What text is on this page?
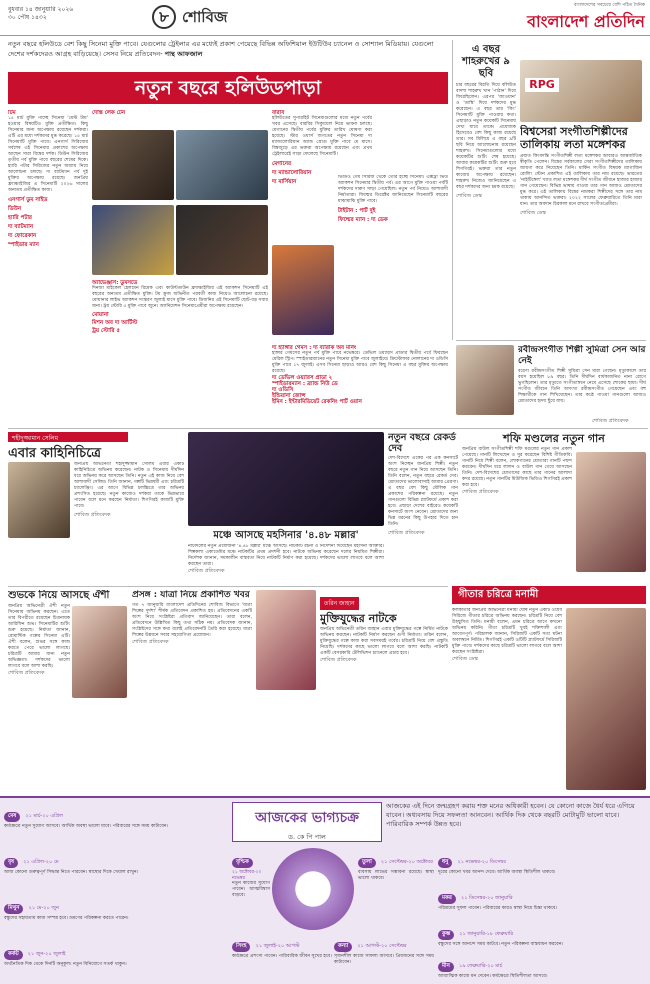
বুধবার ১৪ জানুয়ারি ২০২৬
৩০ পৌষ ১৪৩২	৮ শোবিজ
বাংলাদেশের সবচেয়ে বেশি পঠিত দৈনিক
বাংলাদেশ প্রতিদিন
নতুন বছরে হলিউডে বেশ কিছু সিনেমা মুক্তি পাবে। যেগুলোর ট্রেইলার এর মধ্যেই প্রকাশ পেয়েছে বিভিন্ন অফিশিয়াল ইউটিউব চ্যানেল ও সোশ্যাল মিডিয়ায়। যেগুলো দেশের দর্শকদেরও আগ্রহ বাড়িয়েছে। সেসব নিয়ে প্রতিবেদন- পান্থ আফজাল
নতুন বছরে হলিউডপাড়া
টিম
১৫ মার্চ মুক্তি পাচ্ছে সিনেমা 'মেস্ট টাম' হওয়ার বিষয়টিও মুক্তি প্রতীক্ষিত। কিছু সিনেমার জন্য অপেক্ষায় রয়েছেন দর্শকরা। এটি এর মধ্যে দর্শকদের মুগ্ধ করেছে। ১৫ মার্চ সিনেমাটি মুক্তি পাবে। এনগার্স সিরিজের সর্বশেষ এই সিনেমার প্রকাশের অপেক্ষায় আছেন সারা বিশ্বের দর্শক। ডিউন সিরিজের তৃতীয় পর্ব মুক্তি পাবে বছরের শেষের দিকে। হ্যারি পটার সিরিজের নতুন অধ্যায় নিয়ে আলোচনা চলছে। দ্য ব্যাটম্যান পর্ব দুই মুক্তির অপেক্ষায় রয়েছে। জনপ্রিয় ফ্র্যাঞ্চাইজির এ সিনেমাটি ২০২৬ সালের অন্যতম প্রতীক্ষিত কাজ।
এনগার্স ডুম সাইড
ডিউন
হ্যারি পটার
দ্য ব্যাটম্যান
দ্য ফোরেকান
স্পাইডার ম্যান
দোস্ত লেক টেন
অ্যাভেঞ্জার্স: ডুমসডে
দিনজা মাইকেল হেলমেন রিমেক এবং কাউন্টডাউন ফ্র্যাঞ্চাইজির এই অ্যাকশন সিনেমাটি এই বছরের অন্যতম প্রতীক্ষিত মুক্তি। টম ক্রুজ অভিনীত পরবর্তী কাজ নিয়েও আলোচনা রয়েছে। মোয়ানার লাইভ অ্যাকশন সংস্করণ জুলাই মাসে মুক্তি পাবে। ডিজনির এই সিনেমাটি ছোট-বড় সবার জন্য। ট্রয় স্টোরি ৫ মুক্তি পাবে জুনে। অ্যানিমেশন সিনেমাপ্রেমীরা অপেক্ষায় রয়েছেন।
মোয়ানা
মিশন অব দ্য আর্টিস্ট
ট্রয় স্টোরি ৫
বারবি
হলিউডের সুপারহিট সিনেমাগুলোর মধ্যে নতুন পর্বের খবর এসেছে। বারবির সিক্যুয়েল নিয়ে ভাবনা চলছে। মেগানের দ্বিতীয় পর্বের মুক্তির তারিখ ঘোষণা করা হয়েছে। স্টার ওয়ার্স জগতের নতুন সিনেমা দ্য ম্যান্ডালোরিয়ান অ্যান্ড গ্রোগু মুক্তি পাবে মে মাসে। বিশ্বজুড়ে এর ভক্তরা অপেক্ষায় রয়েছেন এবং প্রথম ট্রেইলারেই সাড়া ফেলেছে সিনেমাটি।
মেগানের
দ্য ম্যান্ডালোরিয়ান
দ্য মার্সিয়ান
ভিডিও গেম সিরিজ থেকে তৈরি হচ্ছে সিনেমা। এক্সট্রা ভিউ অ্যাকশন সিনেমার দ্বিতীয় পর্ব। এর আগে মুক্তি পাওয়া পর্বটি দর্শকদের দারুণ সাড়া পেয়েছিল। নতুন পর্ব নিয়েও আশাবাদী নির্মাতারা। ফিল্মের ডিরেক্টর জানিয়েছেন সিনেমাটি বছরের মাঝামাঝি মুক্তি পাবে।
টাইটান : পার্ট দুই
ফিল্মের ম্যান : দ্য ডেক
দ্য হ্যাঙ্গার গেমস : দ্য ব্যারাক অব মর্নিং
হাঙ্গার গেমসের নতুন পর্ব মুক্তি পাবে নভেম্বরে। ডেভিল ওয়্যারস প্রাডার দ্বিতীয় পর্বে ফিরছেন মেরিল স্ট্রিপ। স্পাইডারম্যানের নতুন সিনেমা মুক্তি পাবে জুলাইয়ে। ক্রিস্টোফার নোলানের দ্য ওডিসি মুক্তি পাবে ১৭ জুলাই। এসব সিনেমা ছাড়াও আরও বেশ কিছু সিনেমা এ বছর মুক্তির অপেক্ষায় রয়েছে।
দ্য ডেভিল ওয়্যারস প্রাডা ২
স্পাইডারম্যান : ব্র্যান্ড নিউ ডে
দ্য ওডিসি
ইন্ডিয়ানা জোন্স
ইমিন : ইন্টারমিডিয়েট রেকনিং পার্ট ওয়ান
এ বছর শাহরুখের ৯ ছবি
চার বছরের বিরতি দিয়ে বলিউড বাদশা শাহরুখ খান 'পাঠান' দিয়ে ফিরেছিলেন। এরপর 'জাওয়ান' ও 'ডাঙ্কি' দিয়ে দর্শকদের মুগ্ধ করেছেন। এ বছর তার 'কিং' সিনেমাটি মুক্তি পাওয়ার কথা। এছাড়াও নতুন কয়েকটি সিনেমায় দেখা যাবে তাকে। প্রযোজক হিসেবেও বেশ কিছু কাজ রয়েছে তার। সব মিলিয়ে এ বছর ৯টি ছবি নিয়ে আলোচনায় রয়েছেন শাহরুখ। সিনেমাগুলোর মধ্যে কয়েকটির শুটিং শেষ হয়েছে। আবার কয়েকটির শুটিং শুরু হবে শিগগিরই। ভক্তরা তার নতুন কাজের অপেক্ষায় রয়েছেন। শাহরুখ নিজেও জানিয়েছেন এ বছর দর্শকদের জন্য চমক রয়েছে।
শোবিজ ডেস্ক
RPG
বিশ্বসেরা সংগীতশিল্পীদের তালিকায় লতা মঙ্গেশকর
প্রয়াত কিংবদন্তি সংগীতশিল্পী লতা মঙ্গেশকর আবারও আন্তর্জাতিক স্বীকৃতি পেলেন। বিশ্বের সর্বকালের সেরা সংগীতশিল্পীদের তালিকায় জায়গা করে নিয়েছেন তিনি। মার্কিন সংগীত বিষয়ক ম্যাগাজিন রোলিং স্টোন প্রকাশিত এই তালিকায় তার নাম রয়েছে। ভারতের 'নাইটিঙ্গেল' খ্যাত লতা মঙ্গেশকর দীর্ঘ সংগীত জীবনে হাজার হাজার গান গেয়েছেন। বিভিন্ন ভাষায় গাওয়া তার গান আজও শ্রোতাদের মুগ্ধ করে। এই তালিকায় বিশ্বের নামকরা শিল্পীদের সঙ্গে তার নাম থাকায় আনন্দিত ভক্তরা। ২০২২ সালের ফেব্রুয়ারিতে তিনি মারা যান। তার অবদান চিরকাল মনে রাখবে সংগীতপ্রেমীরা।
শোবিজ ডেস্ক
রবীন্দ্রসংগীত শিল্পী সুমিত্রা সেন আর নেই
বরেণ্য রবীন্দ্রসংগীত শিল্পী সুমিত্রা সেন মারা গেছেন। মৃত্যুকালে তার বয়স হয়েছিল ৮৯ বছর। তিনি দীর্ঘদিন বার্ধক্যজনিত নানা রোগে ভুগছিলেন। তার মৃত্যুতে সংগীতাঙ্গনে নেমে এসেছে শোকের ছায়া। দীর্ঘ সংগীত জীবনে তিনি অসংখ্য রবীন্দ্রসংগীত গেয়েছেন এবং বহু শিক্ষার্থীকে গান শিখিয়েছেন। তার কণ্ঠে গাওয়া গানগুলো আজও শ্রোতাদের হৃদয় ছুঁয়ে যায়।
শোবিজ প্রতিবেদক
শহীদুজ্জামান সেলিম
এবার কাহিনিচিত্রে
জনপ্রিয় অভিনেতা শহীদুজ্জামান সেলিম এবার একটি কাহিনিচিত্রে অভিনয় করেছেন। নাটক ও সিনেমায় দীর্ঘদিন ধরে অভিনয় করে আসছেন তিনি। নতুন এই কাজ নিয়ে বেশ আশাবাদী সেলিম। তিনি জানান, গল্পটি ভিন্নধর্মী এবং চরিত্রটি চ্যালেঞ্জিং। এর আগে বিভিন্ন চলচ্চিত্রে তার অভিনয় প্রশংসিত হয়েছে। নতুন কাজেও দর্শকরা তাকে ভিন্নভাবে পাবেন বলে মনে করছেন নির্মাতা। শিগগিরই কাজটি মুক্তি পাবে।
শোবিজ প্রতিবেদক
মঞ্চে আসছে মহসিনার '৪.৪৮ মল্লার'
নাট্যদলের নতুন প্রযোজনা '৪.৪৮ মল্লার' মঞ্চে আসছে। নাটকটি রচনা ও নির্দেশনা দিয়েছেন মহসিনা আক্তার। শিল্পকলা একাডেমির মঞ্চে নাটকটির প্রথম প্রদর্শনী হবে। নাটকে অভিনয় করেছেন দলের নিয়মিত শিল্পীরা। নির্দেশক জানান, সমকালীন বাস্তবতা নিয়ে নাটকটি নির্মাণ করা হয়েছে। দর্শকদের ভালো লাগবে বলে আশা করছেন তারা।
শোবিজ প্রতিবেদক
নতুন বছরে রেকর্ড দেব
দেশ-বিদেশে একের পর এক কনসার্টে অংশ নিচ্ছেন জনপ্রিয় শিল্পী। নতুন বছরে নতুন গান নিয়ে আসছেন তিনি। তিনি বলেন, নতুন বছরে রেকর্ড দেব। শ্রোতাদের ভালোবাসাই আমার প্রেরণা। এ বছর বেশ কিছু মৌলিক গান প্রকাশের পরিকল্পনা রয়েছে। নতুন গানগুলো বিভিন্ন প্ল্যাটফর্মে প্রকাশ করা হবে। এছাড়া দেশের বাইরেও কয়েকটি কনসার্টে অংশ নেবেন। শ্রোতাদের জন্য ভিন্ন ধরনের কিছু উপহার দিতে চান তিনি।
শোবিজ প্রতিবেদক
শফি মণ্ডলের নতুন গান
জনপ্রিয় বাউল সংগীতশিল্পী শফি মণ্ডলের নতুন গান প্রকাশ পেয়েছে। গানটি লিখেছেন ও সুর করেছেন বিশিষ্ট গীতিকবি। গানটি নিয়ে শিল্পী বলেন, লোকগানের শ্রোতারা গানটি পছন্দ করবেন। দীর্ঘদিন ধরে লালন ও বাউল গান গেয়ে আসছেন তিনি। দেশ-বিদেশের শ্রোতাদের কাছে তার গানের আলাদা কদর রয়েছে। নতুন গানটির মিউজিক ভিডিও শিগগিরই প্রকাশ করা হবে।
শোবিজ প্রতিবেদক
শুভকে নিয়ে আসছে ঐশী
জনপ্রিয় অভিনেত্রী ঐশী নতুন সিনেমায় অভিনয় করছেন। এতে তার বিপরীতে রয়েছেন চিত্রনায়ক আরিফিন শুভ। সিনেমাটির শুটিং শুরু হয়েছে। নির্মাতা জানান, রোমান্টিক গল্পের সিনেমা এটি। ঐশী বলেন, শুভর সঙ্গে কাজ করতে পেরে ভালো লাগছে। চরিত্রটি আমার জন্য নতুন অভিজ্ঞতা। দর্শকদের ভালো লাগবে বলে আশা করছি।
শোবিজ প্রতিবেদক
প্রসঙ্গ : যাত্রা নিয়ে প্রকাশিত খবর
গত ৭ জানুয়ারি বাংলাদেশ প্রতিদিনের শোবিজ বিভাগে 'যাত্রা শিল্পের দুর্দশা' শীর্ষক প্রতিবেদন প্রকাশিত হয়। প্রতিবেদনের একটি অংশ নিয়ে সংশ্লিষ্টরা প্রতিবাদ জানিয়েছেন। তারা বলেন, প্রতিবেদনে উল্লিখিত কিছু তথ্য সঠিক নয়। প্রতিবেদক জানান, সংশ্লিষ্টদের সঙ্গে কথা বলেই প্রতিবেদনটি তৈরি করা হয়েছে। যাত্রা শিল্পের উন্নয়নে সবার সহযোগিতা প্রয়োজন।
শোবিজ প্রতিবেদক
তরিন জাহান
মুক্তিযুদ্ধের নাটকে
জনপ্রিয় অভিনেত্রী তরিন জাহান এবার মুক্তিযুদ্ধের গল্পে নির্মিত নাটকে অভিনয় করছেন। নাটকটি নির্মাণ করছেন গুণী নির্মাতা। তরিন বলেন, মুক্তিযুদ্ধের গল্পে কাজ করা সবসময়ই গর্বের। চরিত্রটি নিয়ে বেশ প্রস্তুতি নিয়েছি। দর্শকদের কাছে ভালো লাগবে বলে আশা করছি। নাটকটি একটি বেসরকারি টেলিভিশন চ্যানেলে প্রচার হবে।
শোবিজ প্রতিবেদক
গীতার চরিত্রে মনামী
কলকাতার জনপ্রিয় অভিনেত্রী মনামী ঘোষ নতুন একটি ওয়েব সিরিজে গীতার চরিত্রে অভিনয় করছেন। চরিত্রটি নিয়ে বেশ উচ্ছ্বসিত তিনি। মনামী বলেন, এমন চরিত্রে আগে কখনো অভিনয় করিনি। গীতা চরিত্রটি খুবই শক্তিশালী এবং আবেগপূর্ণ। পরিচালক জানান, সিরিজটি একটি সত্য ঘটনা অবলম্বনে নির্মিত। শিগগিরই একটি ওটিটি প্ল্যাটফর্মে সিরিজটি মুক্তি পাবে। দর্শকদের কাছে চরিত্রটি ভালো লাগবে বলে আশা করছেন সংশ্লিষ্টরা।
শোবিজ ডেস্ক
আজকের ভাগ্যচক্র
ড. কে পি পাল
আজকের এই দিনে জন্মগ্রহণ করায় শক্ত মনের অধিকারী হবেন। যে কোনো কাজে ধৈর্য ধরে এগিয়ে যাবেন। অধ্যবসায় দিয়ে সফলতা আনবেন। আর্থিক দিক থেকে বছরটি মোটামুটি ভালো যাবে। পারিবারিক সম্পর্ক উন্নত হবে।
মেষ ২১ মার্চ-২০ এপ্রিল
কর্মক্ষেত্রে নতুন সুযোগ আসবে। আর্থিক অবস্থা ভালো যাবে। পরিবারের সঙ্গে সময় কাটাবেন।
বৃষ ২১ এপ্রিল-২০ মে
আজ কোনো গুরুত্বপূর্ণ সিদ্ধান্ত নিতে পারবেন। স্বাস্থ্যের দিকে খেয়াল রাখুন।
মিথুন ২১ মে-২০ জুন
বন্ধুদের সহায়তায় কাজ সম্পন্ন হবে। ভ্রমণের পরিকল্পনা করতে পারেন।
কর্কট ২১ জুন-২০ জুলাই
অর্থনৈতিক দিক থেকে দিনটি অনুকূল। নতুন বিনিয়োগে সতর্ক থাকুন।
সিংহ ২১ জুলাই-২০ আগস্ট
কর্মক্ষেত্রে প্রশংসা পাবেন। পারিবারিক জীবন সুখের হবে।
কন্যা ২১ আগস্ট-২০ সেপ্টেম্বর
সৃজনশীল কাজে সাফল্য আসবে। প্রিয়জনের সঙ্গে সময় কাটাবেন।
তুলা ২১ সেপ্টেম্বর-২০ অক্টোবর
ব্যবসায় লাভের সম্ভাবনা রয়েছে। স্বাস্থ্য ভালো থাকবে।
বৃশ্চিক
২১ অক্টোবর-২০ নভেম্বর
নতুন কাজের সুযোগ পাবেন। আত্মবিশ্বাস বাড়বে।
ধনু ২১ নভেম্বর-২০ ডিসেম্বর
দূরের কোনো খবর আনন্দ দেবে। আর্থিক অবস্থা স্থিতিশীল থাকবে।
মকর ২১ ডিসেম্বর-২০ জানুয়ারি
পরিশ্রমের সুফল পাবেন। পরিবারের কারও স্বাস্থ্য নিয়ে চিন্তা থাকবে।
কুম্ভ ২১ জানুয়ারি-১৮ ফেব্রুয়ারি
বন্ধুদের সঙ্গে আনন্দে সময় কাটবে। নতুন পরিকল্পনা বাস্তবায়ন করবেন।
মীন ১৯ ফেব্রুয়ারি-২০ মার্চ
আধ্যাত্মিক কাজে মন দেবেন। কর্মক্ষেত্রে স্থিতিশীলতা আসবে।
